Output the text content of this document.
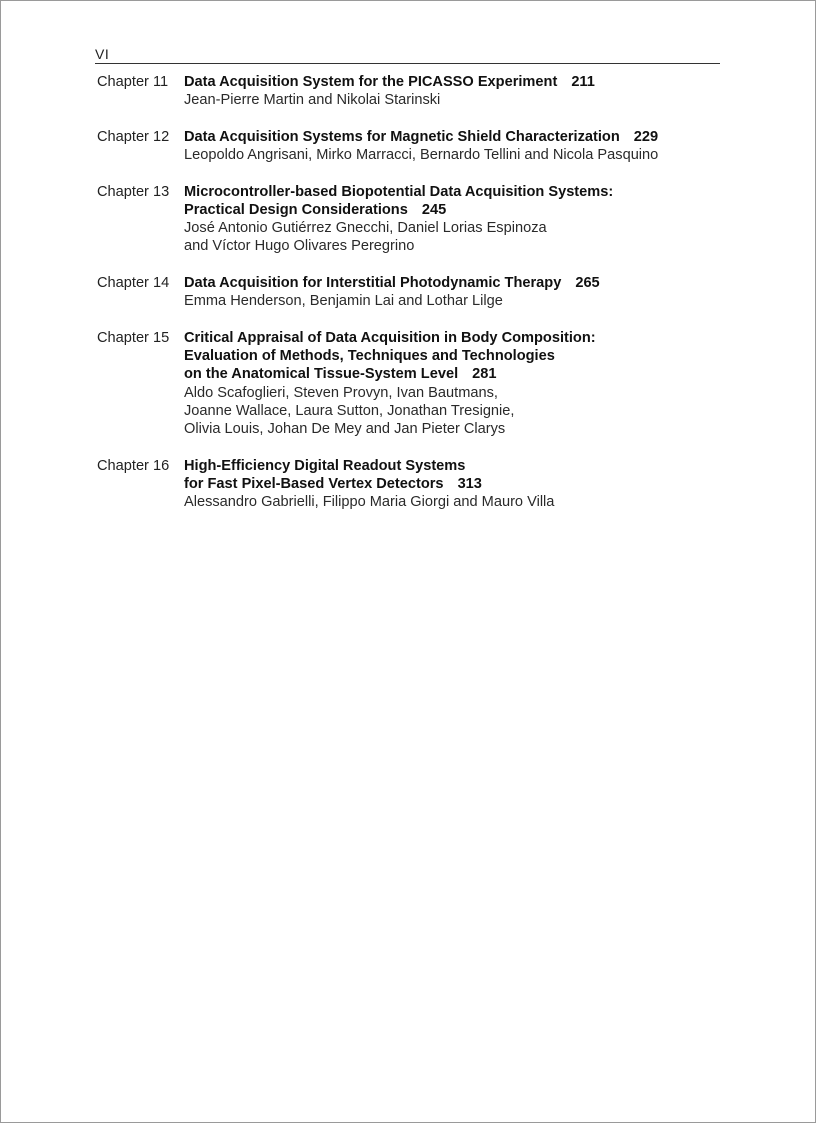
VI
Chapter 11	Data Acquisition System for the PICASSO Experiment 211
Jean-Pierre Martin and Nikolai Starinski
Chapter 12	Data Acquisition Systems for Magnetic Shield Characterization 229
Leopoldo Angrisani, Mirko Marracci, Bernardo Tellini and Nicola Pasquino
Chapter 13	Microcontroller-based Biopotential Data Acquisition Systems:
Practical Design Considerations 245
José Antonio Gutiérrez Gnecchi, Daniel Lorias Espinoza
and Víctor Hugo Olivares Peregrino
Chapter 14	Data Acquisition for Interstitial Photodynamic Therapy 265
Emma Henderson, Benjamin Lai and Lothar Lilge
Chapter 15	Critical Appraisal of Data Acquisition in Body Composition:
Evaluation of Methods, Techniques and Technologies
on the Anatomical Tissue-System Level 281
Aldo Scafoglieri, Steven Provyn, Ivan Bautmans,
Joanne Wallace, Laura Sutton, Jonathan Tresignie,
Olivia Louis, Johan De Mey and Jan Pieter Clarys
Chapter 16	High-Efficiency Digital Readout Systems
for Fast Pixel-Based Vertex Detectors 313
Alessandro Gabrielli, Filippo Maria Giorgi and Mauro Villa
